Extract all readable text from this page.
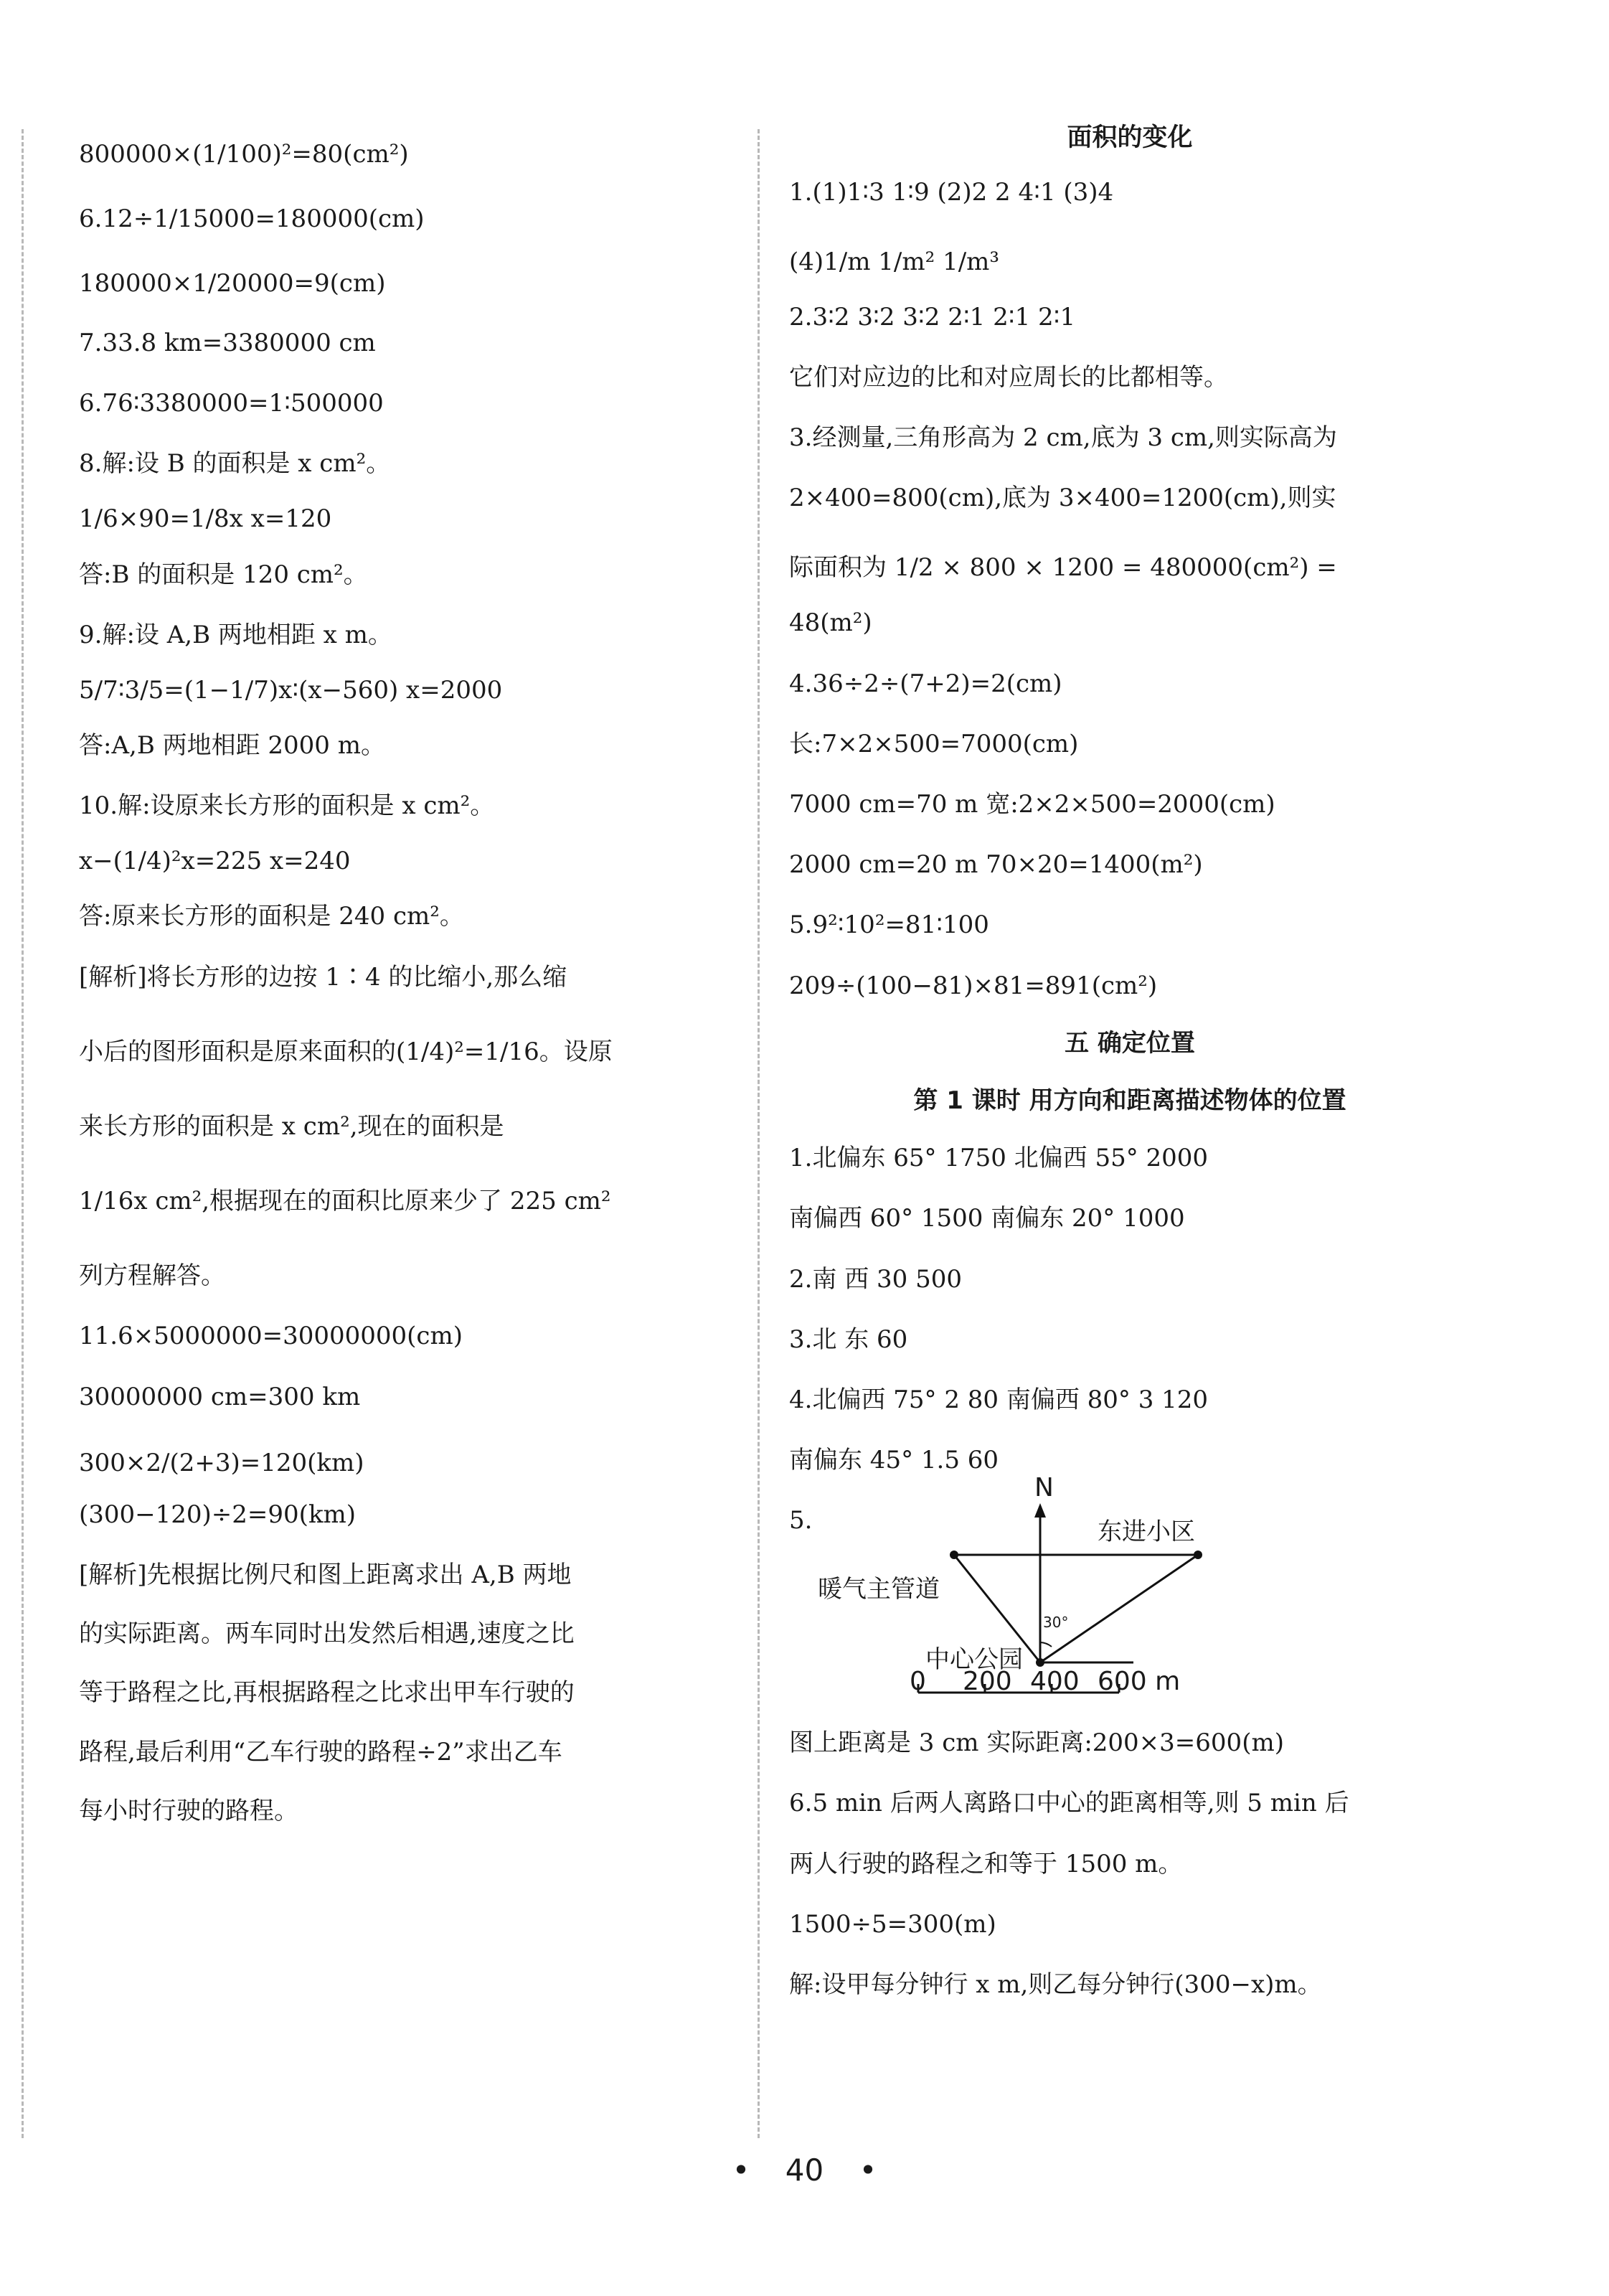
800000×(1/100)²=80(cm²)

6.12÷1/15000=180000(cm)

180000×1/20000=9(cm)

7.33.8 km=3380000 cm

6.76∶3380000=1∶500000

8.解:设 B 的面积是 x cm²。

1/6×90=1/8x x=120

答:B 的面积是 120 cm²。

9.解:设 A,B 两地相距 x m。

5/7∶3/5=(1−1/7)x∶(x−560) x=2000

答:A,B 两地相距 2000 m。

10.解:设原来长方形的面积是 x cm²。

x−(1/4)²x=225 x=240

答:原来长方形的面积是 240 cm²。

[解析]将长方形的边按 1∶4 的比缩小,那么缩

小后的图形面积是原来面积的(1/4)²=1/16。设原

来长方形的面积是 x cm²,现在的面积是

1/16x cm²,根据现在的面积比原来少了 225 cm²

列方程解答。

11.6×5000000=30000000(cm)

30000000 cm=300 km

300×2/(2+3)=120(km)

(300−120)÷2=90(km)

[解析]先根据比例尺和图上距离求出 A,B 两地

的实际距离。两车同时出发然后相遇,速度之比

等于路程之比,再根据路程之比求出甲车行驶的

路程,最后利用“乙车行驶的路程÷2”求出乙车

每小时行驶的路程。

面积的变化

1.(1)1∶3 1∶9 (2)2 2 4∶1 (3)4

(4)1/m 1/m² 1/m³

2.3∶2 3∶2 3∶2 2∶1 2∶1 2∶1

它们对应边的比和对应周长的比都相等。

3.经测量,三角形高为 2 cm,底为 3 cm,则实际高为

2×400=800(cm),底为 3×400=1200(cm),则实

际面积为 1/2 × 800 × 1200 = 480000(cm²) =

48(m²)

4.36÷2÷(7+2)=2(cm)

长:7×2×500=7000(cm)

7000 cm=70 m 宽:2×2×500=2000(cm)

2000 cm=20 m 70×20=1400(m²)

5.9²∶10²=81∶100

209÷(100−81)×81=891(cm²)

五 确定位置

第 1 课时 用方向和距离描述物体的位置

1.北偏东 65° 1750 北偏西 55° 2000

南偏西 60° 1500 南偏东 20° 1000

2.南 西 30 500

3.北 东 60

4.北偏西 75° 2 80 南偏西 80° 3 120

南偏东 45° 1.5 60

5.

N
东进小区
暖气主管道
中心公园
30°
0 200 400 600 m

图上距离是 3 cm 实际距离:200×3=600(m)

6.5 min 后两人离路口中心的距离相等,则 5 min 后

两人行驶的路程之和等于 1500 m。

1500÷5=300(m)

解:设甲每分钟行 x m,则乙每分钟行(300−x)m。

• 40 •
